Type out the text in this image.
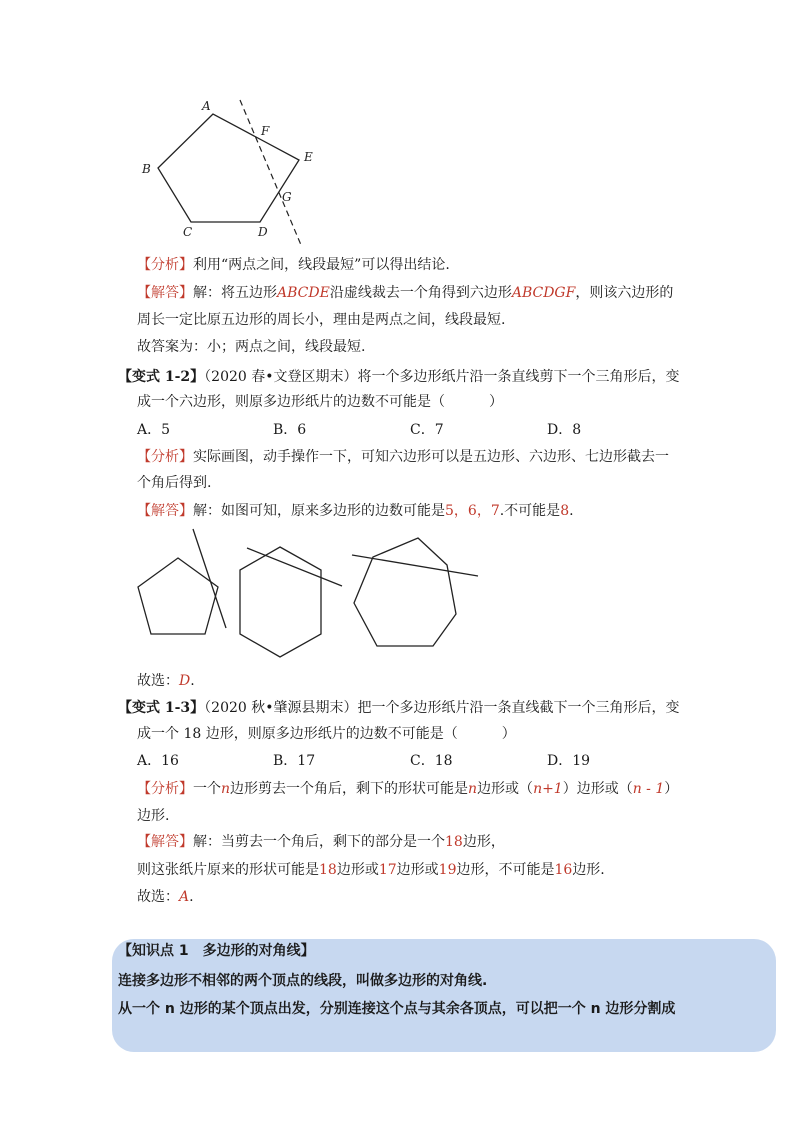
A
B
C	D
E
F
G
【分析】利用“两点之间，线段最短”可以得出结论.
【解答】解：将五边形ABCDE沿虚线裁去一个角得到六边形ABCDGF，则该六边形的
周长一定比原五边形的周长小，理由是两点之间，线段最短.
故答案为：小；两点之间，线段最短.
【变式 1-2】（2020 春•文登区期末）将一个多边形纸片沿一条直线剪下一个三角形后，变
成一个六边形，则原多边形纸片的边数不可能是（	）
A．5	B．6	C．7	D．8
【分析】实际画图，动手操作一下，可知六边形可以是五边形、六边形、七边形截去一
个角后得到.
【解答】解：如图可知，原来多边形的边数可能是5，6，7.不可能是8.
故选：D.
【变式 1-3】（2020 秋•肇源县期末）把一个多边形纸片沿一条直线截下一个三角形后，变
成一个 18 边形，则原多边形纸片的边数不可能是（	）
A．16	B．17	C．18	D．19
【分析】一个n边形剪去一个角后，剩下的形状可能是n边形或（n+1）边形或（n - 1）
边形.
【解答】解：当剪去一个角后，剩下的部分是一个18边形，
则这张纸片原来的形状可能是18边形或17边形或19边形，不可能是16边形.
故选：A.
【知识点 1　多边形的对角线】
连接多边形不相邻的两个顶点的线段，叫做多边形的对角线.
从一个 n 边形的某个顶点出发，分别连接这个点与其余各顶点，可以把一个 n 边形分割成
